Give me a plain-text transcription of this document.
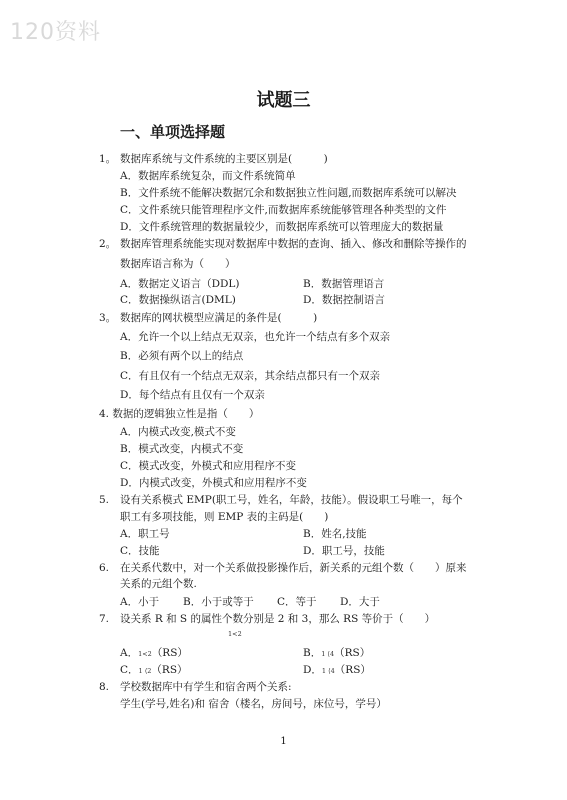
120资料
试题三
一、单项选择题
1。 数据库系统与文件系统的主要区别是(　　　)
A．数据库系统复杂，而文件系统简单
B．文件系统不能解决数据冗余和数据独立性问题,而数据库系统可以解决
C．文件系统只能管理程序文件,而数据库系统能够管理各种类型的文件
D．文件系统管理的数据量较少，而数据库系统可以管理庞大的数据量
2。 数据库管理系统能实现对数据库中数据的查询、插入、修改和删除等操作的
数据库语言称为（　　）
A．数据定义语言（DDL)	B．数据管理语言
C．数据操纵语言(DML)	D．数据控制语言
3。 数据库的网状模型应满足的条件是(　　　)
A．允许一个以上结点无双亲，也允许一个结点有多个双亲
B．必须有两个以上的结点
C．有且仅有一个结点无双亲，其余结点都只有一个双亲
D．每个结点有且仅有一个双亲
4. 数据的逻辑独立性是指（　　）
A．内模式改变,模式不变
B．模式改变，内模式不变
C．模式改变，外模式和应用程序不变
D．内模式改变，外模式和应用程序不变
5. 设有关系模式 EMP(职工号，姓名，年龄，技能）。假设职工号唯一，每个
职工有多项技能，则 EMP 表的主码是(　　)
A．职工号	B．姓名,技能
C．技能	D．职工号，技能
6. 在关系代数中，对一个关系做投影操作后，新关系的元组个数（　　）原来
关系的元组个数.
A．小于 B．小于或等于 C．等于 D．大于
7. 设关系 R 和 S 的属性个数分别是 2 和 3，那么 RS 等价于（　　）
1<2
A．1<2（RS）	B．1 ⟨4（RS）
C．1 ⟨2（RS）	D．1 ⟨4（RS）
8. 学校数据库中有学生和宿舍两个关系:
学生(学号,姓名)和 宿舍（楼名，房间号，床位号，学号）
1
